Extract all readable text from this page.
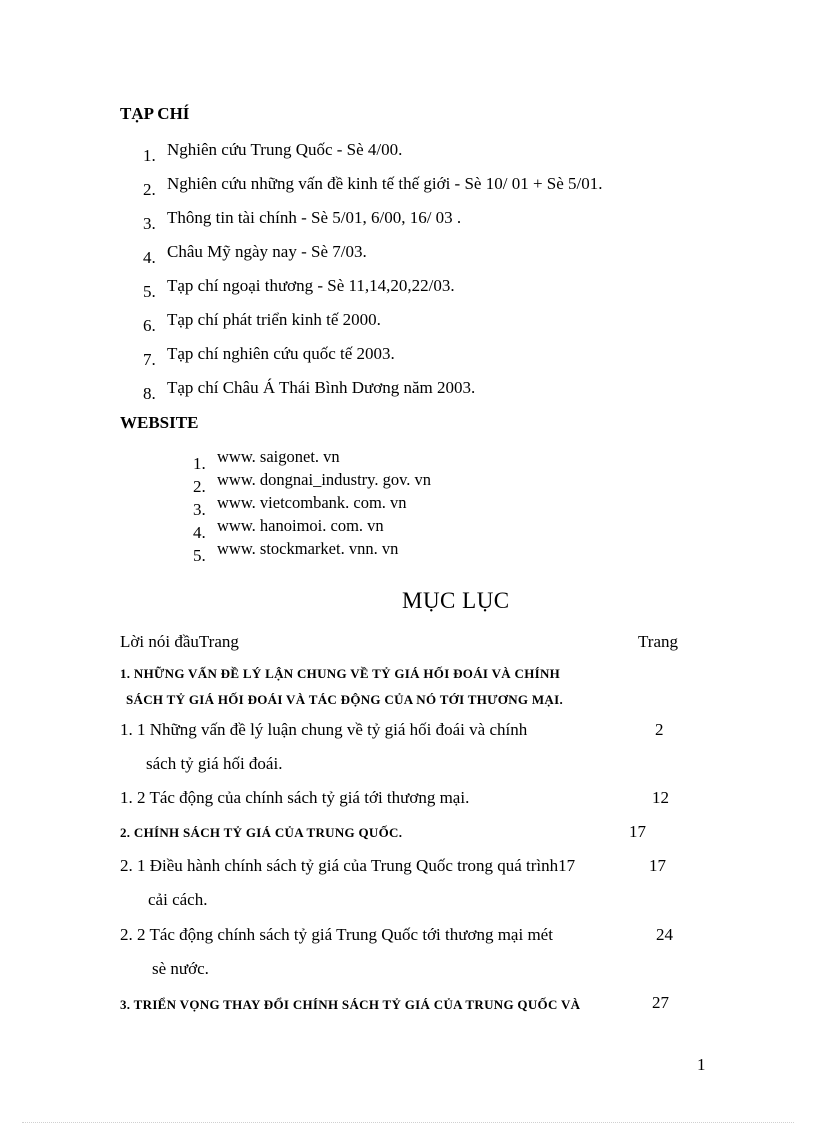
TẠP CHÍ
1. Nghiên cứu Trung Quốc - Sè 4/00.
2. Nghiên cứu những vấn đề kinh tế thế giới - Sè 10/ 01 + Sè 5/01.
3. Thông tin tài chính - Sè 5/01, 6/00, 16/ 03 .
4. Châu Mỹ ngày nay - Sè 7/03.
5. Tạp chí ngoại thương - Sè 11,14,20,22/03.
6. Tạp chí phát triển kinh tế 2000.
7. Tạp chí nghiên cứu quốc tế 2003.
8. Tạp chí Châu Á Thái Bình Dương năm 2003.
WEBSITE
1. www. saigonet. vn
2. www. dongnai_industry. gov. vn
3. www. vietcombank. com. vn
4. www. hanoimoi. com. vn
5. www. stockmarket. vnn. vn
MỤC LỤC
Lời nói đầuTrang	Trang
1. NHỮNG VẤN ĐỀ LÝ LẬN CHUNG VỀ TỶ GIÁ HỐI ĐOÁI VÀ CHÍNH
SÁCH TỶ GIÁ HỐI ĐOÁI VÀ TÁC ĐỘNG CỦA NÓ TỚI THƯƠNG MẠI.
1. 1 Những vấn đề lý luận chung về tỷ giá hối đoái và chính	2
sách tỷ giá hối đoái.
1. 2 Tác động của chính sách tỷ giá tới thương mại.	12
2. CHÍNH SÁCH TỶ GIÁ CỦA TRUNG QUỐC.	17
2. 1 Điều hành chính sách tỷ giá của Trung Quốc trong quá trình17	17
cải cách.
2. 2 Tác động chính sách tỷ giá Trung Quốc tới thương mại mét	24
sè nước.
3. TRIỂN VỌNG THAY ĐỔI CHÍNH SÁCH TỶ GIÁ CỦA TRUNG QUỐC VÀ	27
1
